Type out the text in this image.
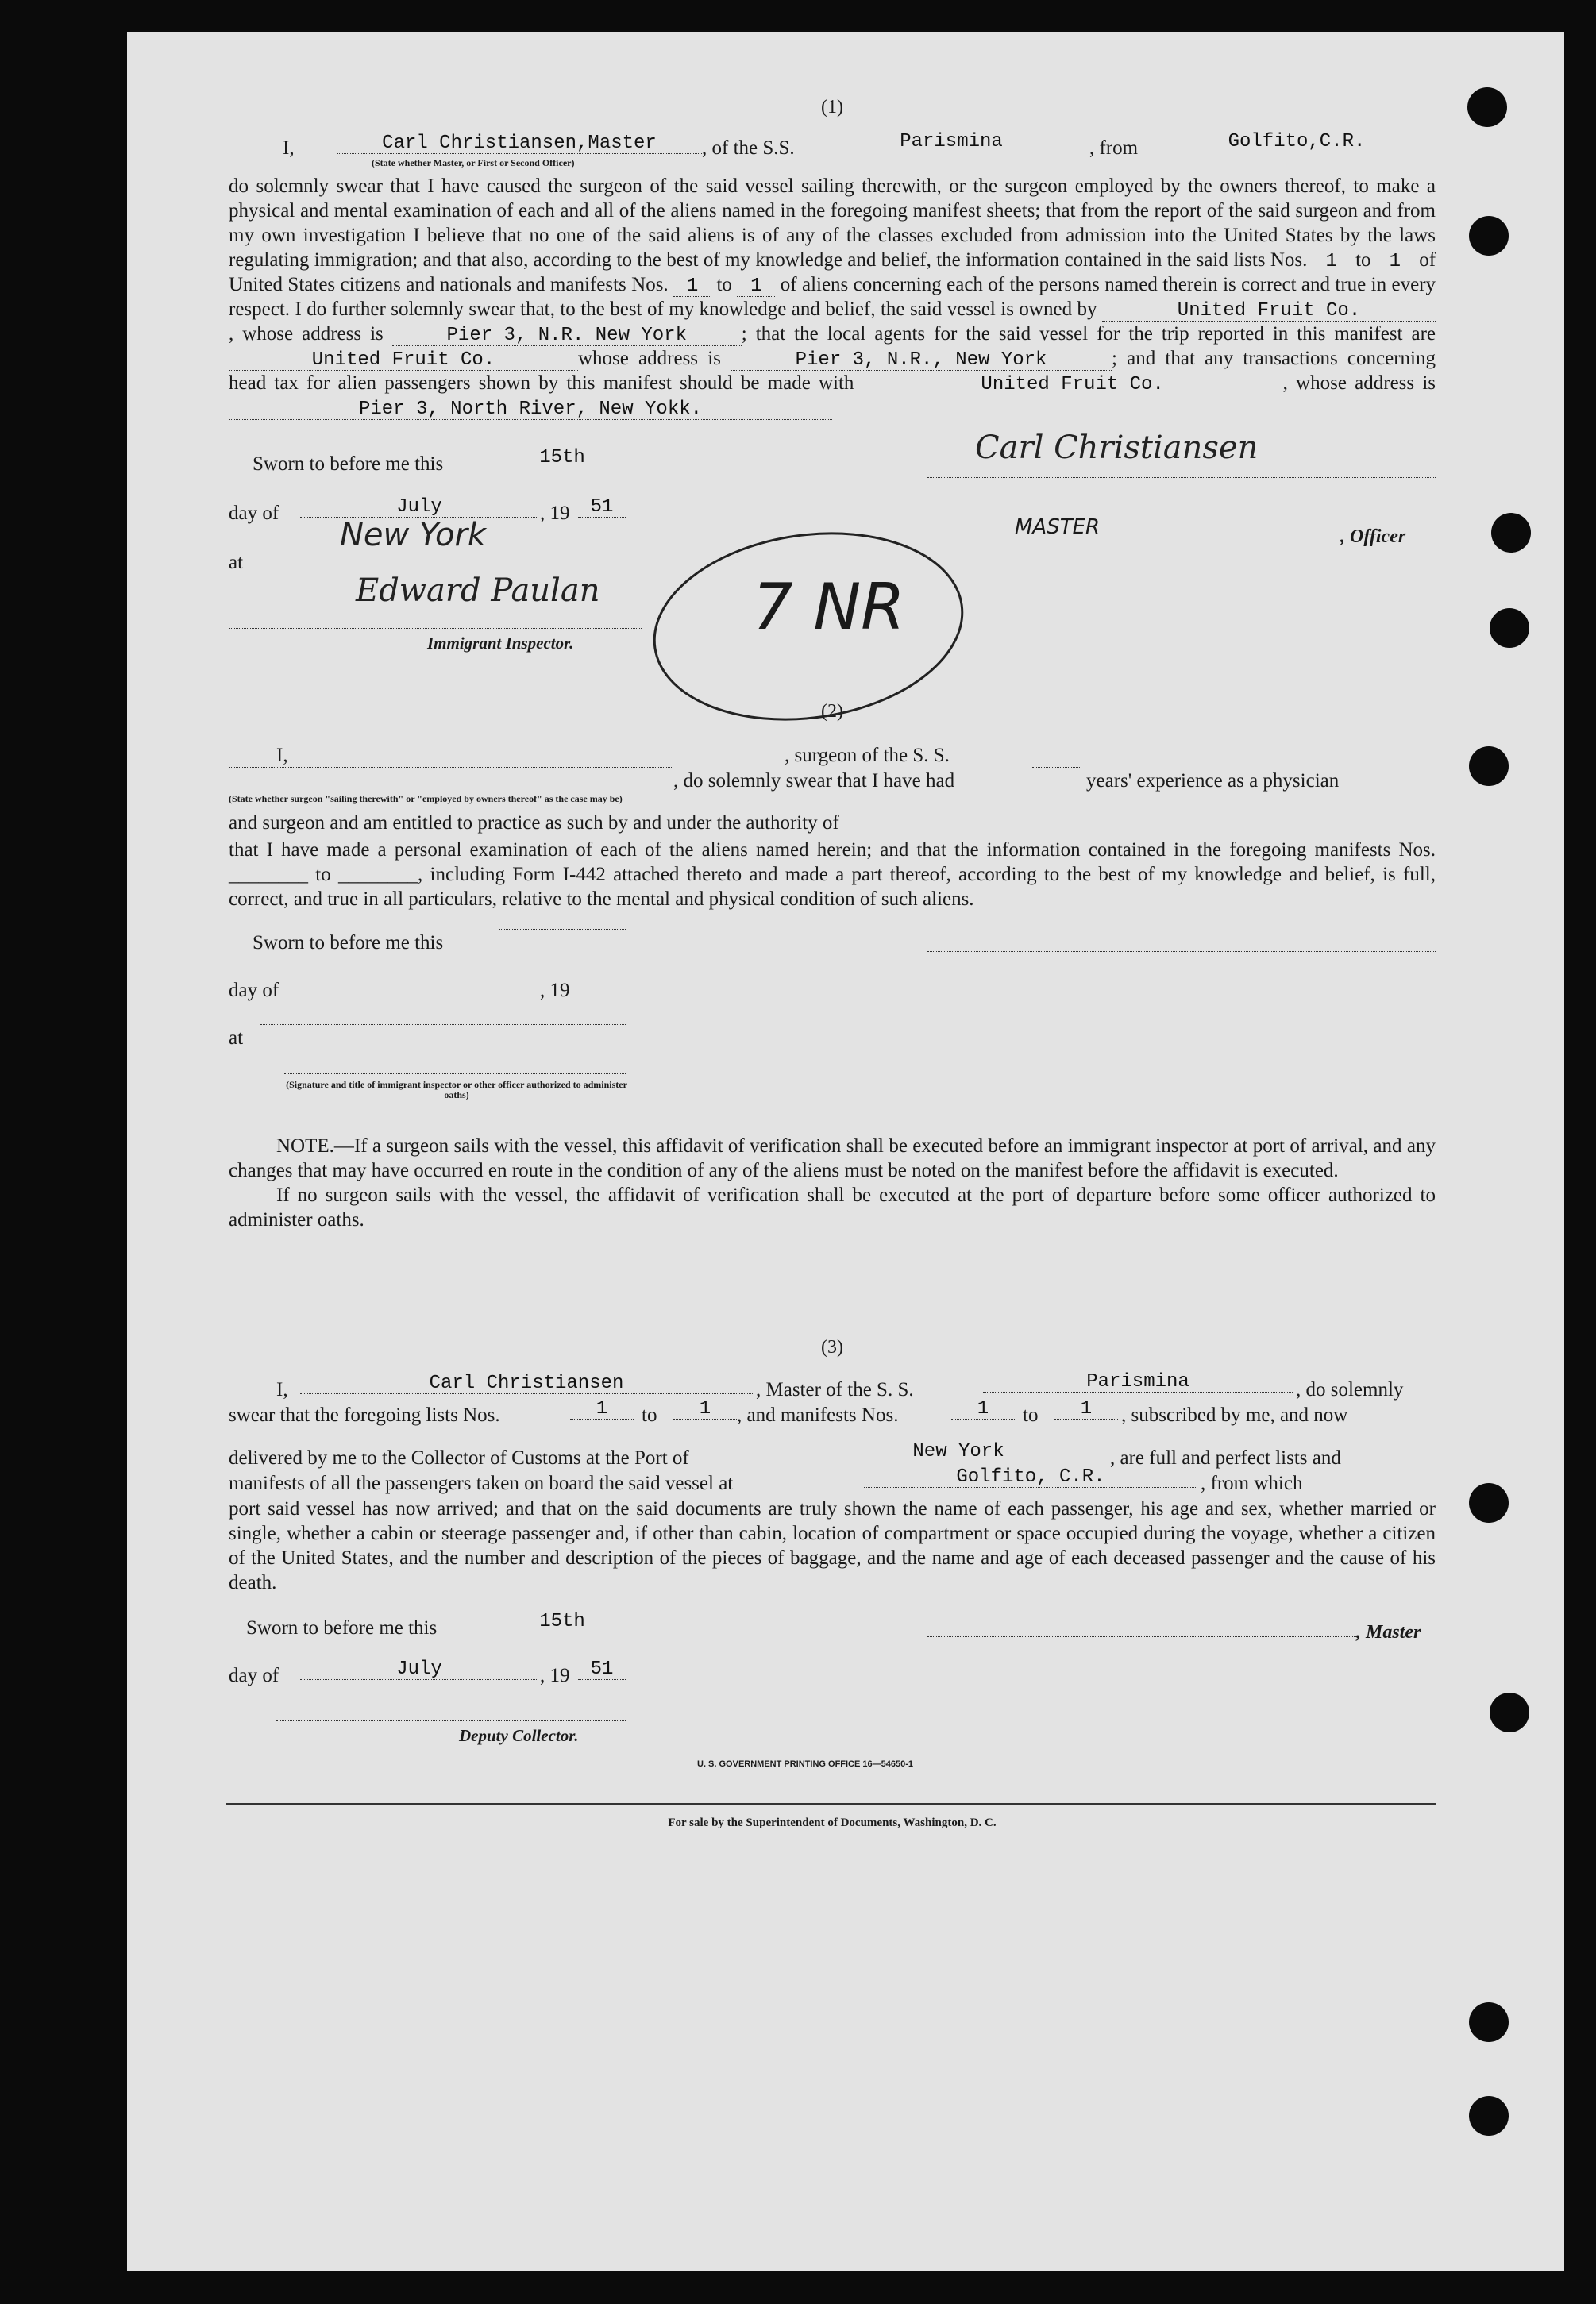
(1)
I,	Carl Christiansen,Master
(State whether Master, or First or Second Officer)
, of the S.S.	Parismina	, from	Golfito,C.R.

do solemnly swear that I have caused the surgeon of the said vessel sailing therewith, or the surgeon employed by the owners thereof, to make a physical and mental examination of each and all of the aliens named in the foregoing manifest sheets; that from the report of the said surgeon and from my own investigation I believe that no one of the said aliens is of any of the classes excluded from admission into the United States by the laws regulating immigration; and that also, according to the best of my knowledge and belief, the information contained in the said lists Nos. 1 to 1 of United States citizens and nationals and manifests Nos. 1 to 1 of aliens concerning each of the persons named therein is correct and true in every respect. I do further solemnly swear that, to the best of my knowledge and belief, the said vessel is owned by	United Fruit Co., whose address is	Pier 3, N.R. New York	; that the local agents for the said vessel for the trip reported in this manifest are United Fruit Co.	whose address is	Pier 3, N.R., New York	; and that any transactions concerning head tax for alien passengers shown by this manifest should be made with	United Fruit Co.	, whose address is Pier 3, North River, New Yokk.

Sworn to before me this	15th
day of	July	, 19	51
at
New York
Edward Paulan
Immigrant Inspector.
Carl Christiansen
MASTER	, Officer
7 NR
(2)
I,	, surgeon of the S. S.
, do solemnly swear that I have had	years' experience as a physician
(State whether surgeon "sailing therewith" or "employed by owners thereof" as the case may be)
and surgeon and am entitled to practice as such by and under the authority of

that I have made a personal examination of each of the aliens named herein; and that the information contained in the foregoing manifests Nos. ________ to ________, including Form I-442 attached thereto and made a part thereof, according to the best of my knowledge and belief, is full, correct, and true in all particulars, relative to the mental and physical condition of such aliens.

Sworn to before me this
day of	, 19
at
(Signature and title of immigrant inspector or other officer authorized to administer oaths)

NOTE.—If a surgeon sails with the vessel, this affidavit of verification shall be executed before an immigrant inspector at port of arrival, and any changes that may have occurred en route in the condition of any of the aliens must be noted on the manifest before the affidavit is executed.

If no surgeon sails with the vessel, the affidavit of verification shall be executed at the port of departure before some officer authorized to administer oaths.

(3)
I,	Carl Christiansen	, Master of the S. S.	Parismina	, do solemnly
swear that the foregoing lists Nos.	1	to	1	, and manifests Nos.	1	to	1	, subscribed by me, and now
delivered by me to the Collector of Customs at the Port of	New York	, are full and perfect lists and
manifests of all the passengers taken on board the said vessel at	Golfito, C.R.	, from which

port said vessel has now arrived; and that on the said documents are truly shown the name of each passenger, his age and sex, whether married or single, whether a cabin or steerage passenger and, if other than cabin, location of compartment or space occupied during the voyage, whether a citizen of the United States, and the number and description of the pieces of baggage, and the name and age of each deceased passenger and the cause of his death.

Sworn to before me this	15th	, Master
day of	July	, 19	51
Deputy Collector.
U. S. GOVERNMENT PRINTING OFFICE 16—54650-1
For sale by the Superintendent of Documents, Washington, D. C.
